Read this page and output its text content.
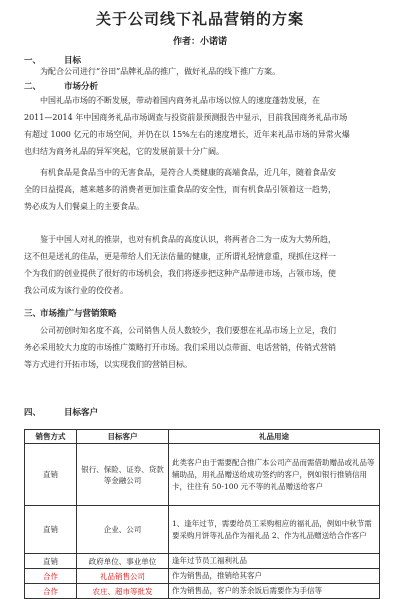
关于公司线下礼品营销的方案
作者：小诺诺
一、	目标
为配合公司进行“谷田”品牌礼品的推广，做好礼品的线下推广方案。
二、	市场分析
中国礼品市场的不断发展，带动着国内商务礼品市场以惊人的速度蓬勃发展，在
2011—2014 年中国商务礼品市场调查与投资前景预测报告中显示，目前我国商务礼品市场
有超过 1000 亿元的市场空间，并仍在以 15%左右的速度增长，近年来礼品市场的异常火爆
也归结为商务礼品的异军突起，它的发展前景十分广阔。
有机食品是食品当中的无害食品，是符合人类健康的高端食品，近几年，随着食品安
全的日益提高，越来越多的消费者更加注重食品的安全性，而有机食品引领着这一趋势，
势必成为人们餐桌上的主要食品。
鉴于中国人对礼的推崇，也对有机食品的高度认识，将两者合二为一成为大势所趋，
这不但是送礼的佳品，更是带给人们无法估量的健康，正所谓礼轻情意重，现抓住这样一
个为我们的创业提供了很好的市场机会，我们将逐步把这种产品带进市场，占领市场，使
我公司成为该行业的佼佼者。
三、市场推广与营销策略
公司初创时知名度不高，公司销售人员人数较少，我们要想在礼品市场上立足，我们
务必采用较大力度的市场推广策略打开市场。我们采用以点带面、电话营销，传销式营销
等方式进行开拓市场，以实现我们的营销目标。
四、	目标客户
销售方式	目标客户	礼品用途
直销	银行、保险、证券、贷款等金融公司	此类客户由于需要配合推广本公司产品而需借助赠品或礼品等辅助品，用礼品赠送给成功签约的客户，例如银行推销信用卡，往往有 50-100 元不等的礼品赠送给客户
直销	企业、公司	1、逢年过节，需要给员工采购相应的福礼品，例如中秋节需要采购月饼等礼品作为福礼品 2、作为礼品赠送给合作客户
直销	政府单位、事业单位	逢年过节员工福利礼品
合作	礼品销售公司	作为销售品，推销给其客户
合作	农庄、超市等批发	作为销售品，客户的茶余饭后需要作为手信等
